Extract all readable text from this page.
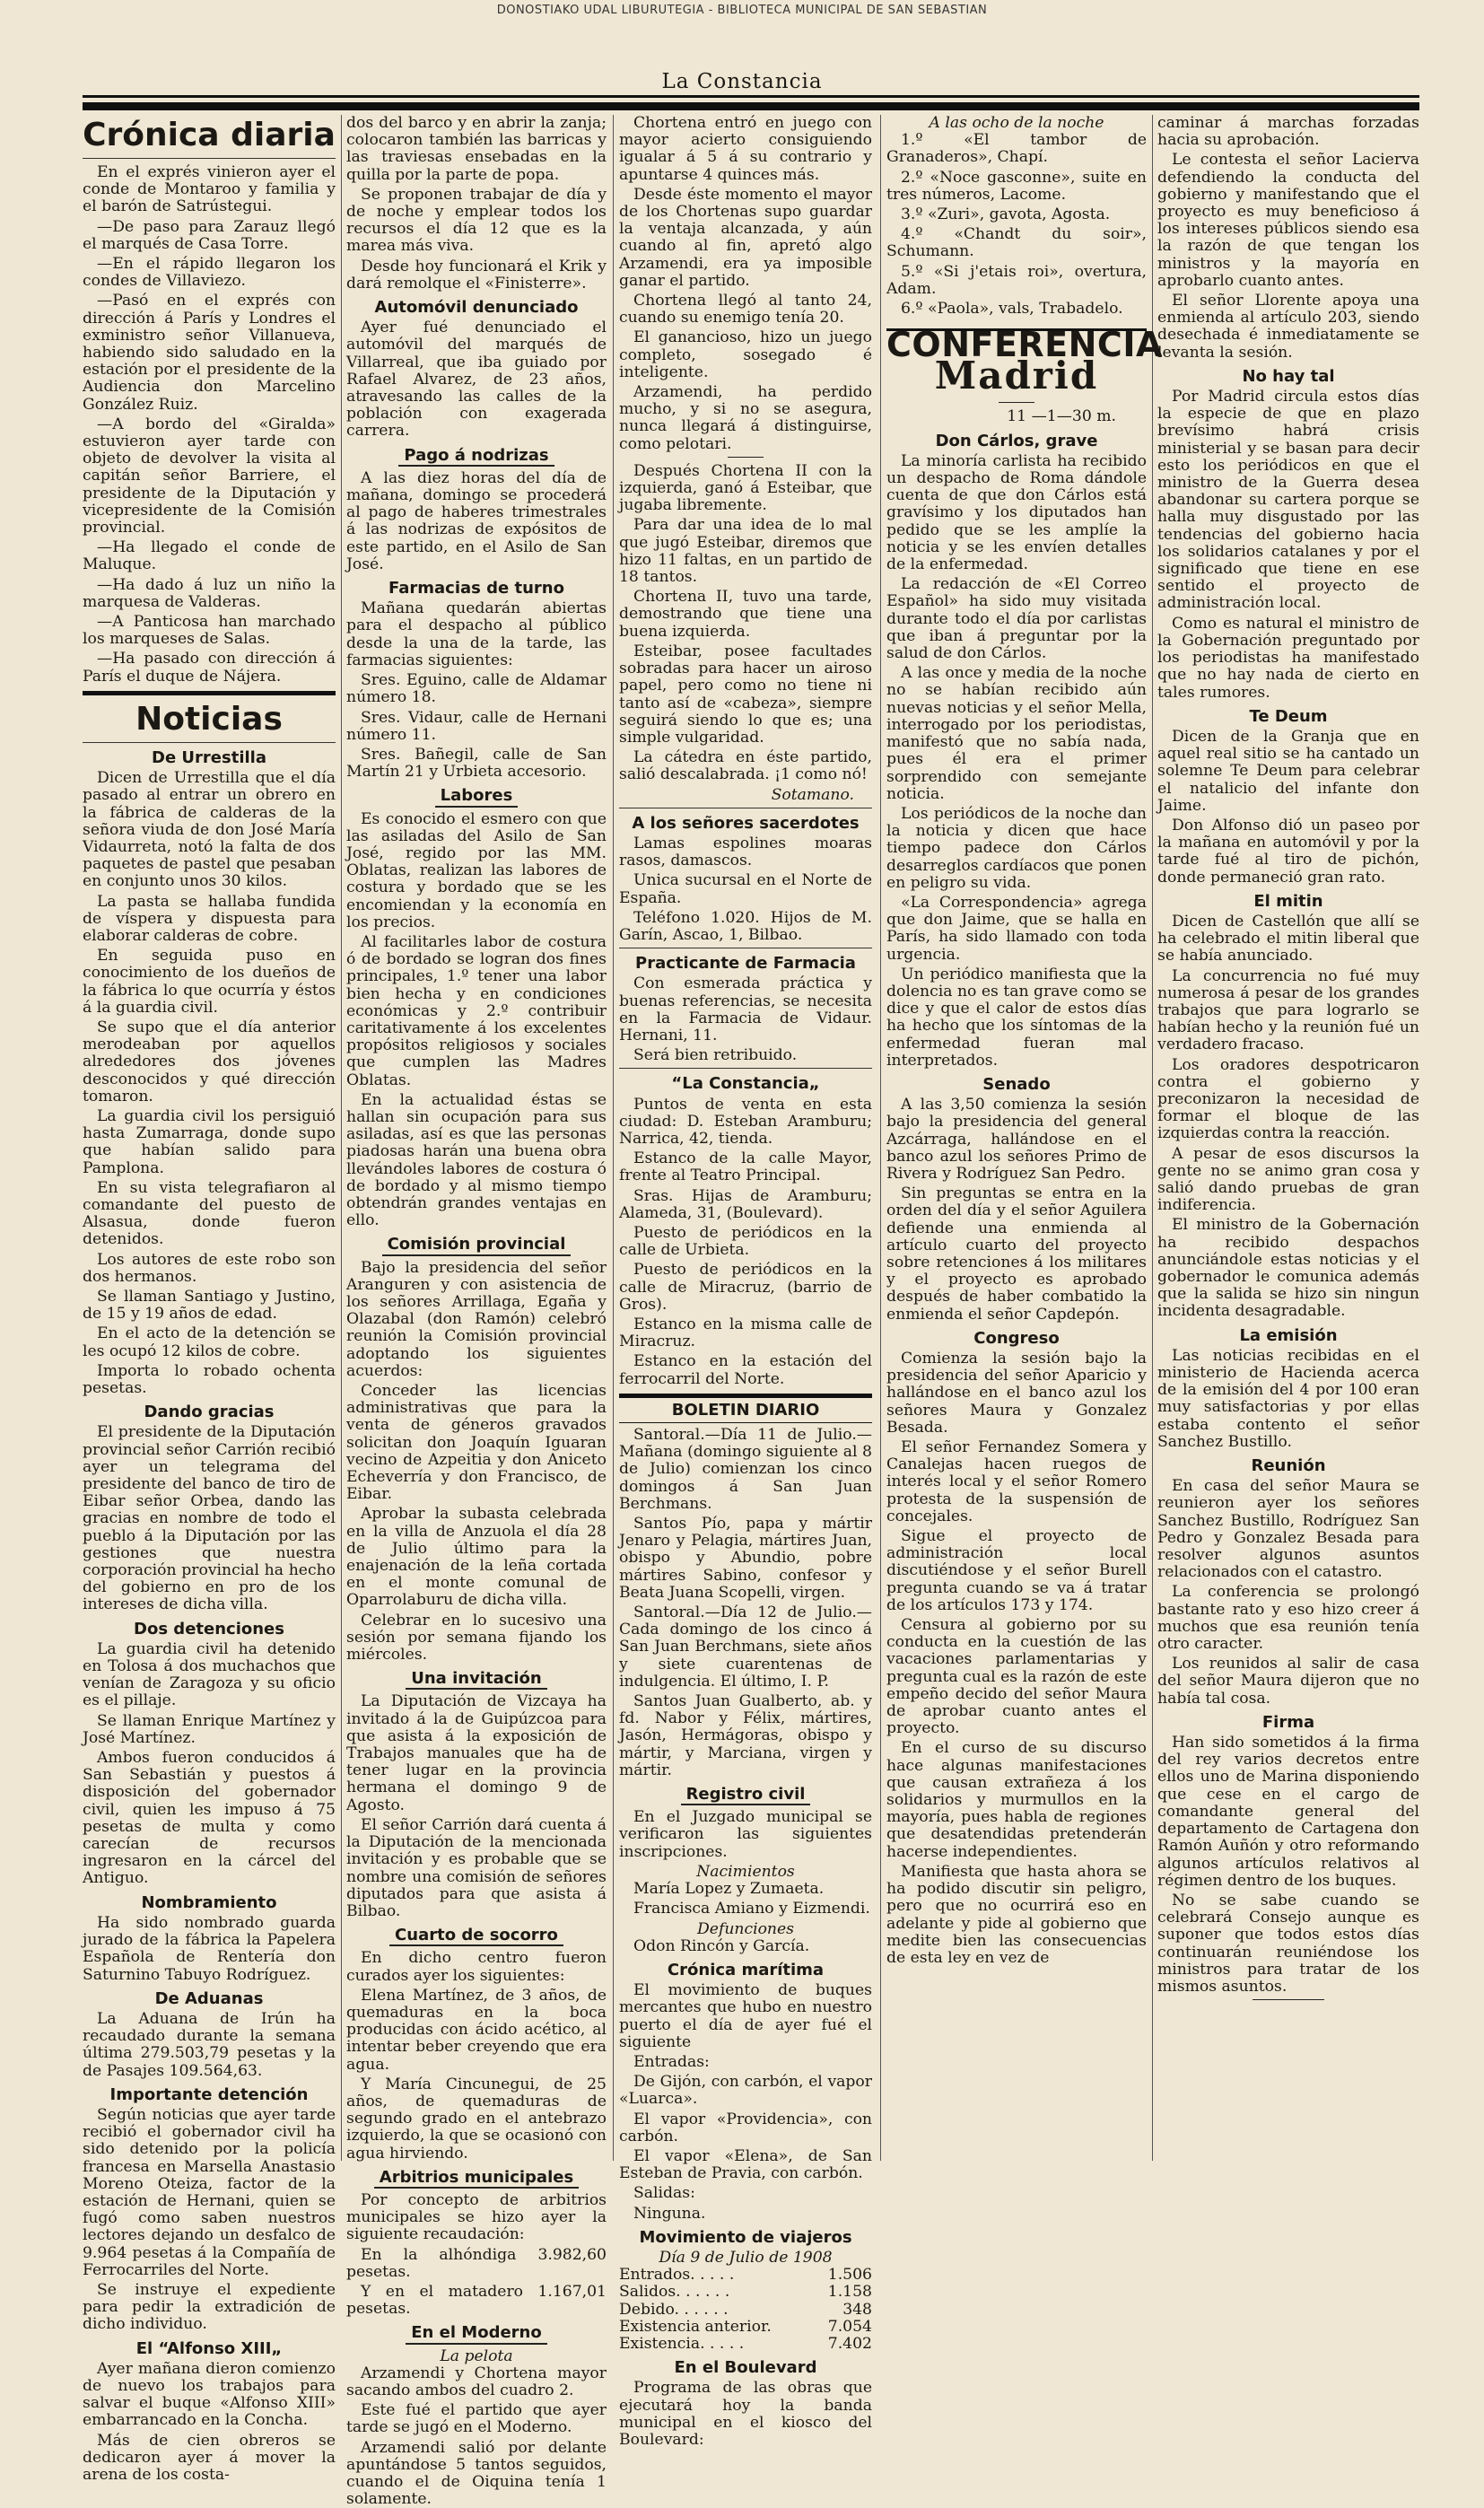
DONOSTIAKO UDAL LIBURUTEGIA - BIBLIOTECA MUNICIPAL DE SAN SEBASTIAN
La Constancia
Crónica diaria

En el exprés vinieron ayer el conde de Montaroo y familia y el barón de Satrústegui.

—De paso para Zarauz llegó el marqués de Casa Torre.

—En el rápido llegaron los condes de Villaviezo.

—Pasó en el exprés con dirección á París y Londres el exministro señor Villanueva, habiendo sido saludado en la estación por el presidente de la Audiencia don Marcelino González Ruiz.

—A bordo del «Giralda» estuvieron ayer tarde con objeto de devolver la visita al capitán señor Barriere, el presidente de la Diputación y vicepresidente de la Comisión provincial.

—Ha llegado el conde de Maluque.

—Ha dado á luz un niño la marquesa de Valderas.

—A Panticosa han marchado los marqueses de Salas.

—Ha pasado con dirección á París el duque de Nájera.

Noticias
De Urrestilla

Dicen de Urrestilla que el día pasado al entrar un obrero en la fábrica de calderas de la señora viuda de don José María Vidaurreta, notó la falta de dos paquetes de pastel que pesaban en conjunto unos 30 kilos.

La pasta se hallaba fundida de víspera y dispuesta para elaborar calderas de cobre.

En seguida puso en conocimiento de los dueños de la fábrica lo que ocurría y éstos á la guardia civil.

Se supo que el día anterior merodeaban por aquellos alrededores dos jóvenes desconocidos y qué dirección tomaron.

La guardia civil los persiguió hasta Zumarraga, donde supo que habían salido para Pamplona.

En su vista telegrafiaron al comandante del puesto de Alsasua, donde fueron detenidos.

Los autores de este robo son dos hermanos.

Se llaman Santiago y Justino, de 15 y 19 años de edad.

En el acto de la detención se les ocupó 12 kilos de cobre.

Importa lo robado ochenta pesetas.

Dando gracias

El presidente de la Diputación provincial señor Carrión recibió ayer un telegrama del presidente del banco de tiro de Eibar señor Orbea, dando las gracias en nombre de todo el pueblo á la Diputación por las gestiones que nuestra corporación provincial ha hecho del gobierno en pro de los intereses de dicha villa.

Dos detenciones

La guardia civil ha detenido en Tolosa á dos muchachos que venían de Zaragoza y su oficio es el pillaje.

Se llaman Enrique Martínez y José Martínez.

Ambos fueron conducidos á San Sebastián y puestos á disposición del gobernador civil, quien les impuso á 75 pesetas de multa y como carecían de recursos ingresaron en la cárcel del Antiguo.

Nombramiento

Ha sido nombrado guarda jurado de la fábrica la Papelera Española de Rentería don Saturnino Tabuyo Rodríguez.

De Aduanas

La Aduana de Irún ha recaudado durante la semana última 279.503,79 pesetas y la de Pasajes 109.564,63.

Importante detención

Según noticias que ayer tarde recibió el gobernador civil ha sido detenido por la policía francesa en Marsella Anastasio Moreno Oteiza, factor de la estación de Hernani, quien se fugó como saben nuestros lectores dejando un desfalco de 9.964 pesetas á la Compañía de Ferrocarriles del Norte.

Se instruye el expediente para pedir la extradición de dicho individuo.

El “Alfonso XIII„

Ayer mañana dieron comienzo de nuevo los trabajos para salvar el buque «Alfonso XIII» embarrancado en la Concha.

Más de cien obreros se dedicaron ayer á mover la arena de los costa-

dos del barco y en abrir la zanja; colocaron también las barricas y las traviesas ensebadas en la quilla por la parte de popa.

Se proponen trabajar de día y de noche y emplear todos los recursos el día 12 que es la marea más viva.

Desde hoy funcionará el Krik y dará remolque el «Finisterre».

Automóvil denunciado

Ayer fué denunciado el automóvil del marqués de Villarreal, que iba guiado por Rafael Alvarez, de 23 años, atravesando las calles de la población con exagerada carrera.

Pago á nodrizas

A las diez horas del día de mañana, domingo se procederá al pago de haberes trimestrales á las nodrizas de expósitos de este partido, en el Asilo de San José.

Farmacias de turno

Mañana quedarán abiertas para el despacho al público desde la una de la tarde, las farmacias siguientes:

Sres. Eguino, calle de Aldamar número 18.

Sres. Vidaur, calle de Hernani número 11.

Sres. Bañegil, calle de San Martín 21 y Urbieta accesorio.

Labores

Es conocido el esmero con que las asiladas del Asilo de San José, regido por las MM. Oblatas, realizan las labores de costura y bordado que se les encomiendan y la economía en los precios.

Al facilitarles labor de costura ó de bordado se logran dos fines principales, 1.º tener una labor bien hecha y en condiciones económicas y 2.º contribuir caritativamente á los excelentes propósitos religiosos y sociales que cumplen las Madres Oblatas.

En la actualidad éstas se hallan sin ocupación para sus asiladas, así es que las personas piadosas harán una buena obra llevándoles labores de costura ó de bordado y al mismo tiempo obtendrán grandes ventajas en ello.

Comisión provincial

Bajo la presidencia del señor Aranguren y con asistencia de los señores Arrillaga, Egaña y Olazabal (don Ramón) celebró reunión la Comisión provincial adoptando los siguientes acuerdos:

Conceder las licencias administrativas que para la venta de géneros gravados solicitan don Joaquín Iguaran vecino de Azpeitia y don Aniceto Echeverría y don Francisco, de Eibar.

Aprobar la subasta celebrada en la villa de Anzuola el día 28 de Julio último para la enajenación de la leña cortada en el monte comunal de Oparrolaburu de dicha villa.

Celebrar en lo sucesivo una sesión por semana fijando los miércoles.

Una invitación

La Diputación de Vizcaya ha invitado á la de Guipúzcoa para que asista á la exposición de Trabajos manuales que ha de tener lugar en la provincia hermana el domingo 9 de Agosto.

El señor Carrión dará cuenta á la Diputación de la mencionada invitación y es probable que se nombre una comisión de señores diputados para que asista á Bilbao.

Cuarto de socorro

En dicho centro fueron curados ayer los siguientes:

Elena Martínez, de 3 años, de quemaduras en la boca producidas con ácido acético, al intentar beber creyendo que era agua.

Y María Cincunegui, de 25 años, de quemaduras de segundo grado en el antebrazo izquierdo, la que se ocasionó con agua hirviendo.

Arbitrios municipales

Por concepto de arbitrios municipales se hizo ayer la siguiente recaudación:

En la alhóndiga 3.982,60 pesetas.

Y en el matadero 1.167,01 pesetas.

En el Moderno
La pelota

Arzamendi y Chortena mayor sacando ambos del cuadro 2.

Este fué el partido que ayer tarde se jugó en el Moderno.

Arzamendi salió por delante apuntándose 5 tantos seguidos, cuando el de Oiquina tenía 1 solamente.

Chortena entró en juego con mayor acierto consiguiendo igualar á 5 á su contrario y apuntarse 4 quinces más.

Desde éste momento el mayor de los Chortenas supo guardar la ventaja alcanzada, y aún cuando al fin, apretó algo Arzamendi, era ya imposible ganar el partido.

Chortena llegó al tanto 24, cuando su enemigo tenía 20.

El ganancioso, hizo un juego completo, sosegado é inteligente.

Arzamendi, ha perdido mucho, y si no se asegura, nunca llegará á distinguirse, como pelotari.

Después Chortena II con la izquierda, ganó á Esteibar, que jugaba libremente.

Para dar una idea de lo mal que jugó Esteibar, diremos que hizo 11 faltas, en un partido de 18 tantos.

Chortena II, tuvo una tarde, demostrando que tiene una buena izquierda.

Esteibar, posee facultades sobradas para hacer un airoso papel, pero como no tiene ni tanto así de «cabeza», siempre seguirá siendo lo que es; una simple vulgaridad.

La cátedra en éste partido, salió descalabrada. ¡1 como nó!

Sotamano.
A los señores sacerdotes

Lamas espolines moaras rasos, damascos.

Unica sucursal en el Norte de España.

Teléfono 1.020. Hijos de M. Garín, Ascao, 1, Bilbao.

Practicante de Farmacia

Con esmerada práctica y buenas referencias, se necesita en la Farmacia de Vidaur. Hernani, 11.

Será bien retribuido.

“La Constancia„

Puntos de venta en esta ciudad: D. Esteban Aramburu; Narrica, 42, tienda.

Estanco de la calle Mayor, frente al Teatro Principal.

Sras. Hijas de Aramburu; Alameda, 31, (Boulevard).

Puesto de periódicos en la calle de Urbieta.

Puesto de periódicos en la calle de Miracruz, (barrio de Gros).

Estanco en la misma calle de Miracruz.

Estanco en la estación del ferrocarril del Norte.

BOLETIN DIARIO

Santoral.—Día 11 de Julio.—Mañana (domingo siguiente al 8 de Julio) comienzan los cinco domingos á San Juan Berchmans.

Santos Pío, papa y mártir Jenaro y Pelagia, mártires Juan, obispo y Abundio, pobre mártires Sabino, confesor y Beata Juana Scopelli, virgen.

Santoral.—Día 12 de Julio.—Cada domingo de los cinco á San Juan Berchmans, siete años y siete cuarentenas de indulgencia. El último, I. P.

Santos Juan Gualberto, ab. y fd. Nabor y Félix, mártires, Jasón, Hermágoras, obispo y mártir, y Marciana, virgen y mártir.

Registro civil

En el Juzgado municipal se verificaron las siguientes inscripciones.

Nacimientos

María Lopez y Zumaeta.

Francisca Amiano y Eizmendi.

Defunciones

Odon Rincón y García.

Crónica marítima

El movimiento de buques mercantes que hubo en nuestro puerto el día de ayer fué el siguiente

Entradas:

De Gijón, con carbón, el vapor «Luarca».

El vapor «Providencia», con carbón.

El vapor «Elena», de San Esteban de Pravia, con carbón.

Salidas:

Ninguna.

Movimiento de viajeros
Día 9 de Julio de 1908
Entrados. . . . .	1.506
Salidos. . . . . .	1.158
Debido. . . . . .	348
Existencia anterior.	7.054
Existencia. . . . .	7.402
En el Boulevard

Programa de las obras que ejecutará hoy la banda municipal en el kiosco del Boulevard:

A las ocho de la noche

1.º «El tambor de Granaderos», Chapí.

2.º «Noce gasconne», suite en tres números, Lacome.

3.º «Zuri», gavota, Agosta.

4.º «Chandt du soir», Schumann.

5.º «Si j'etais roi», overtura, Adam.

6.º «Paola», vals, Trabadelo.

CONFERENCIA
Madrid
11 —1—30 m.
Don Cárlos, grave

La minoría carlista ha recibido un despacho de Roma dándole cuenta de que don Cárlos está gravísimo y los diputados han pedido que se les amplíe la noticia y se les envíen detalles de la enfermedad.

La redacción de «El Correo Español» ha sido muy visitada durante todo el día por carlistas que iban á preguntar por la salud de don Cárlos.

A las once y media de la noche no se habían recibido aún nuevas noticias y el señor Mella, interrogado por los periodistas, manifestó que no sabía nada, pues él era el primer sorprendido con semejante noticia.

Los periódicos de la noche dan la noticia y dicen que hace tiempo padece don Cárlos desarreglos cardíacos que ponen en peligro su vida.

«La Correspondencia» agrega que don Jaime, que se halla en París, ha sido llamado con toda urgencia.

Un periódico manifiesta que la dolencia no es tan grave como se dice y que el calor de estos días ha hecho que los síntomas de la enfermedad fueran mal interpretados.

Senado

A las 3,50 comienza la sesión bajo la presidencia del general Azcárraga, hallándose en el banco azul los señores Primo de Rivera y Rodríguez San Pedro.

Sin preguntas se entra en la orden del día y el señor Aguilera defiende una enmienda al artículo cuarto del proyecto sobre retenciones á los militares y el proyecto es aprobado después de haber combatido la enmienda el señor Capdepón.

Congreso

Comienza la sesión bajo la presidencia del señor Aparicio y hallándose en el banco azul los señores Maura y Gonzalez Besada.

El señor Fernandez Somera y Canalejas hacen ruegos de interés local y el señor Romero protesta de la suspensión de concejales.

Sigue el proyecto de administración local discutiéndose y el señor Burell pregunta cuando se va á tratar de los artículos 173 y 174.

Censura al gobierno por su conducta en la cuestión de las vacaciones parlamentarias y pregunta cual es la razón de este empeño decido del señor Maura de aprobar cuanto antes el proyecto.

En el curso de su discurso hace algunas manifestaciones que causan extrañeza á los solidarios y murmullos en la mayoría, pues habla de regiones que desatendidas pretenderán hacerse independientes.

Manifiesta que hasta ahora se ha podido discutir sin peligro, pero que no ocurrirá eso en adelante y pide al gobierno que medite bien las consecuencias de esta ley en vez de

caminar á marchas forzadas hacia su aprobación.

Le contesta el señor Lacierva defendiendo la conducta del gobierno y manifestando que el proyecto es muy beneficioso á los intereses públicos siendo esa la razón de que tengan los ministros y la mayoría en aprobarlo cuanto antes.

El señor Llorente apoya una enmienda al artículo 203, siendo desechada é inmediatamente se levanta la sesión.

No hay tal

Por Madrid circula estos días la especie de que en plazo brevísimo habrá crisis ministerial y se basan para decir esto los periódicos en que el ministro de la Guerra desea abandonar su cartera porque se halla muy disgustado por las tendencias del gobierno hacia los solidarios catalanes y por el significado que tiene en ese sentido el proyecto de administración local.

Como es natural el ministro de la Gobernación preguntado por los periodistas ha manifestado que no hay nada de cierto en tales rumores.

Te Deum

Dicen de la Granja que en aquel real sitio se ha cantado un solemne Te Deum para celebrar el natalicio del infante don Jaime.

Don Alfonso dió un paseo por la mañana en automóvil y por la tarde fué al tiro de pichón, donde permaneció gran rato.

El mitin

Dicen de Castellón que allí se ha celebrado el mitin liberal que se había anunciado.

La concurrencia no fué muy numerosa á pesar de los grandes trabajos que para lograrlo se habían hecho y la reunión fué un verdadero fracaso.

Los oradores despotricaron contra el gobierno y preconizaron la necesidad de formar el bloque de las izquierdas contra la reacción.

A pesar de esos discursos la gente no se animo gran cosa y salió dando pruebas de gran indiferencia.

El ministro de la Gobernación ha recibido despachos anunciándole estas noticias y el gobernador le comunica además que la salida se hizo sin ningun incidenta desagradable.

La emisión

Las noticias recibidas en el ministerio de Hacienda acerca de la emisión del 4 por 100 eran muy satisfactorias y por ellas estaba contento el señor Sanchez Bustillo.

Reunión

En casa del señor Maura se reunieron ayer los señores Sanchez Bustillo, Rodríguez San Pedro y Gonzalez Besada para resolver algunos asuntos relacionados con el catastro.

La conferencia se prolongó bastante rato y eso hizo creer á muchos que esa reunión tenía otro caracter.

Los reunidos al salir de casa del señor Maura dijeron que no había tal cosa.

Firma

Han sido sometidos á la firma del rey varios decretos entre ellos uno de Marina disponiendo que cese en el cargo de comandante general del departamento de Cartagena don Ramón Auñón y otro reformando algunos artículos relativos al régimen dentro de los buques.

No se sabe cuando se celebrará Consejo aunque es suponer que todos estos días continuarán reuniéndose los ministros para tratar de los mismos asuntos.
